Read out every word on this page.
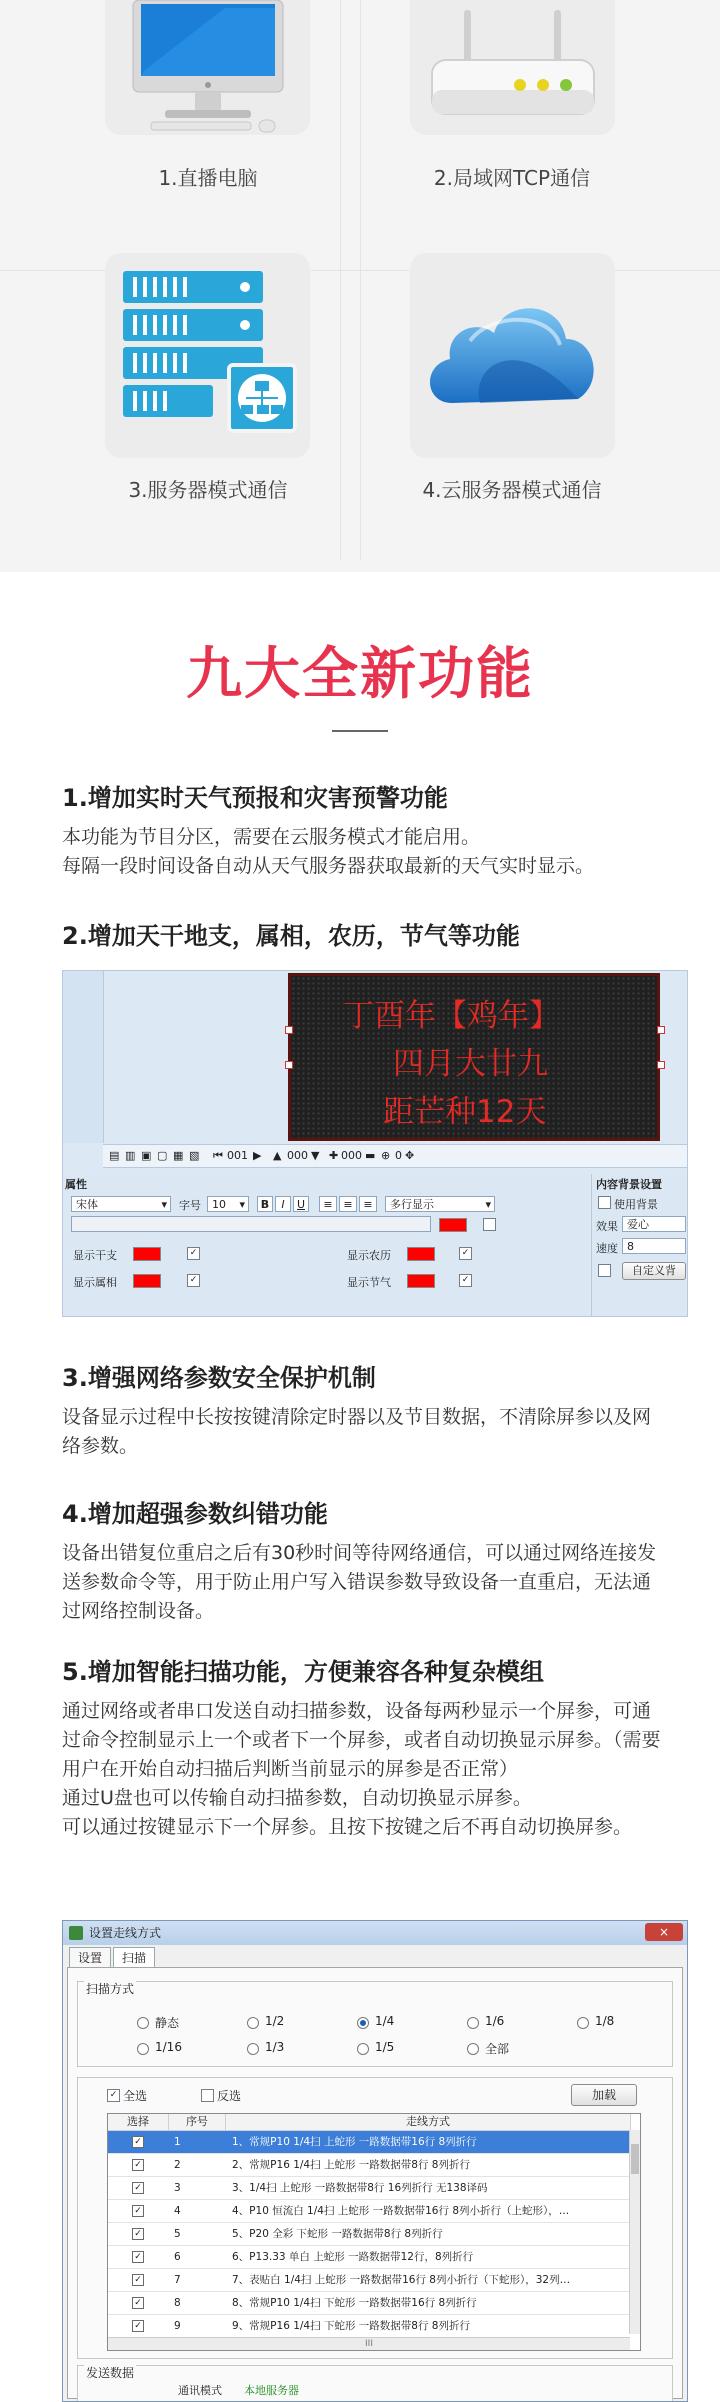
1.直播电脑	2.局域网TCP通信
3.服务器模式通信	4.云服务器模式通信
九大全新功能
1.增加实时天气预报和灾害预警功能

本功能为节目分区，需要在云服务模式才能启用。

每隔一段时间设备自动从天气服务器获取最新的天气实时显示。

2.增加天干地支，属相，农历，节气等功能
丁酉年【鸡年】
四月大廿九
距芒种12天
▤ ▥ ▣ ▢ ▦ ▧ ⏮ 001 ▶ ▲ 000 ▼ ✚ 000 ▬ ⊕ 0 ✥
属性
宋体	▾ 字号	10 ▾	B	I	U	≡ ≡ ≡	多行显示	▾
显示干支	✓	显示农历	✓
显示属相	✓	显示节气	✓
内容背景设置
使用背景
效果 爱心
速度 8
自定义背
3.增强网络参数安全保护机制

设备显示过程中长按按键清除定时器以及节目数据，不清除屏参以及网络参数。

4.增加超强参数纠错功能

设备出错复位重启之后有30秒时间等待网络通信，可以通过网络连接发送参数命令等，用于防止用户写入错误参数导致设备一直重启，无法通过网络控制设备。

5.增加智能扫描功能，方便兼容各种复杂模组

通过网络或者串口发送自动扫描参数，设备每两秒显示一个屏参，可通过命令控制显示上一个或者下一个屏参，或者自动切换显示屏参。（需要用户在开始自动扫描后判断当前显示的屏参是否正常）

通过U盘也可以传输自动扫描参数，自动切换显示屏参。

可以通过按键显示下一个屏参。且按下按键之后不再自动切换屏参。

设置走线方式	×
设置	扫描
扫描方式
静态	1/2	1/4	1/6	1/8
1/16	1/3	1/5	全部
✓ 全选	反选	加载
选择	序号	走线方式
✓	1	1、常规P10 1/4扫 上蛇形 一路数据带16行 8列折行
✓	2	2、常规P16 1/4扫 上蛇形 一路数据带8行 8列折行
✓	3	3、1/4扫 上蛇形 一路数据带8行 16列折行 无138译码
✓	4	4、P10 恒流白 1/4扫 上蛇形 一路数据带16行 8列小折行（上蛇形），…
✓	5	5、P20 全彩 下蛇形 一路数据带8行 8列折行
✓	6	6、P13.33 单白 上蛇形 一路数据带12行，8列折行
✓	7	7、表贴白 1/4扫 上蛇形 一路数据带16行 8列小折行（下蛇形），32列…
✓	8	8、常规P10 1/4扫 下蛇形 一路数据带16行 8列折行
✓	9	9、常规P16 1/4扫 下蛇形 一路数据带8行 8列折行
III
发送数据
通讯模式 本地服务器
